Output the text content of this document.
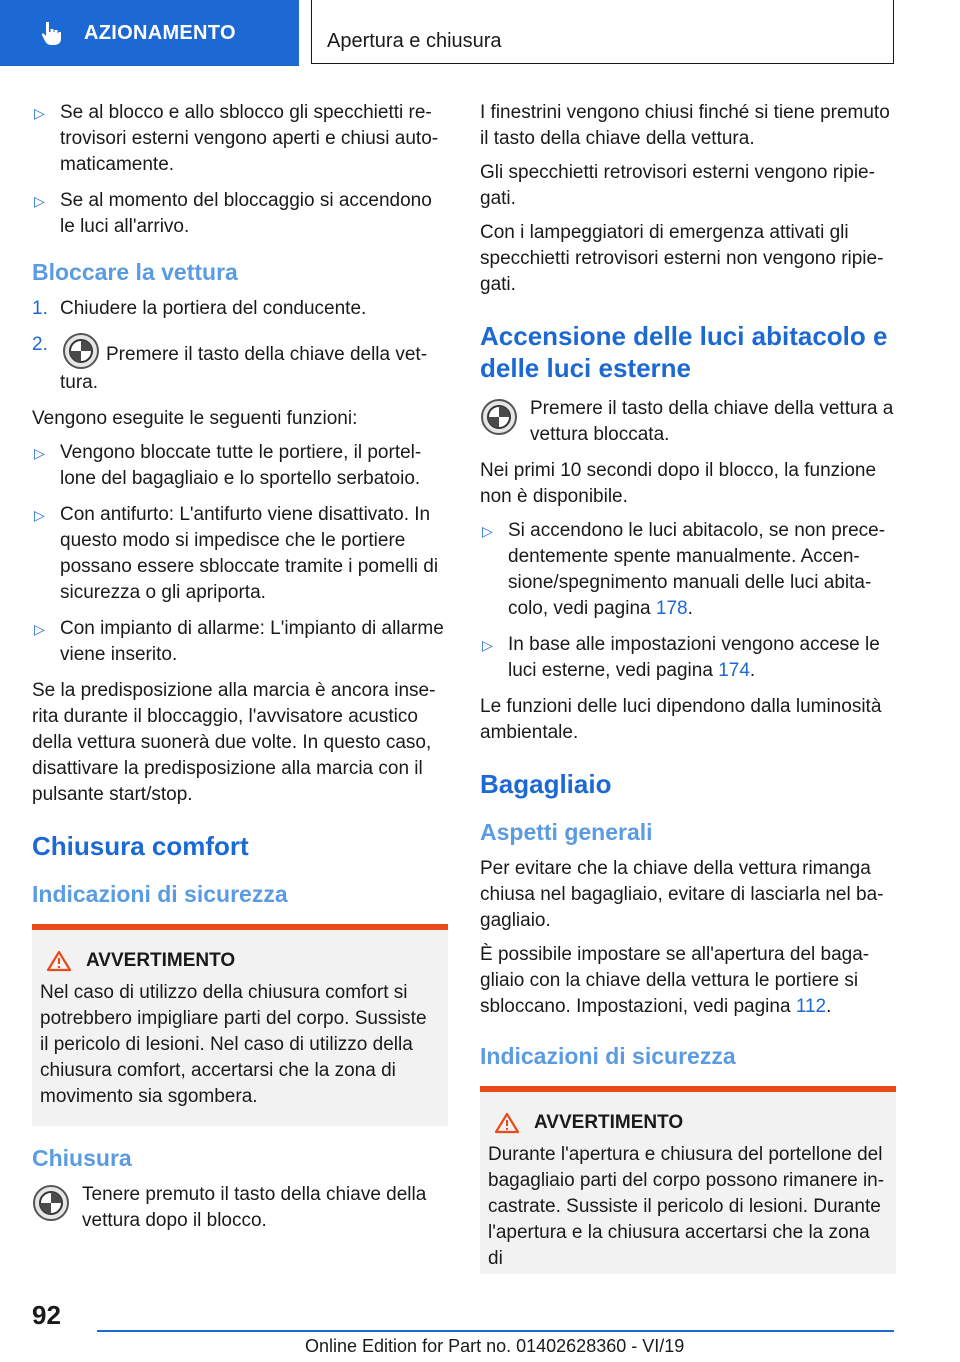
AZIONAMENTO	Apertura e chiusura
▷ Se al blocco e allo sblocco gli specchietti retrovisori esterni vengono aperti e chiusi automaticamente.
▷ Se al momento del bloccaggio si accendono le luci all'arrivo.
Bloccare la vettura
1. Chiudere la portiera del conducente.
2.	Premere il tasto della chiave della vettura.

Vengono eseguite le seguenti funzioni:

▷ Vengono bloccate tutte le portiere, il portellone del bagagliaio e lo sportello serbatoio.
▷ Con antifurto: L'antifurto viene disattivato. In questo modo si impedisce che le portiere possano essere sbloccate tramite i pomelli di sicurezza o gli apriporta.
▷ Con impianto di allarme: L'impianto di allarme viene inserito.

Se la predisposizione alla marcia è ancora inserita durante il bloccaggio, l'avvisatore acustico della vettura suonerà due volte. In questo caso, disattivare la predisposizione alla marcia con il pulsante start/stop.

Chiusura comfort
Indicazioni di sicurezza
AVVERTIMENTO
Nel caso di utilizzo della chiusura comfort si potrebbero impigliare parti del corpo. Sussiste il pericolo di lesioni. Nel caso di utilizzo della chiusura comfort, accertarsi che la zona di movimento sia sgombera.
Chiusura
Tenere premuto il tasto della chiave della vettura dopo il blocco.

I finestrini vengono chiusi finché si tiene premuto il tasto della chiave della vettura.

Gli specchietti retrovisori esterni vengono ripiegati.

Con i lampeggiatori di emergenza attivati gli specchietti retrovisori esterni non vengono ripiegati.

Accensione delle luci abitacolo e delle luci esterne
Premere il tasto della chiave della vettura a vettura bloccata.

Nei primi 10 secondi dopo il blocco, la funzione non è disponibile.

▷ Si accendono le luci abitacolo, se non precedentemente spente manualmente. Accensione/spegnimento manuali delle luci abitacolo, vedi pagina 178.
▷ In base alle impostazioni vengono accese le luci esterne, vedi pagina 174.

Le funzioni delle luci dipendono dalla luminosità ambientale.

Bagagliaio
Aspetti generali

Per evitare che la chiave della vettura rimanga chiusa nel bagagliaio, evitare di lasciarla nel bagagliaio.

È possibile impostare se all'apertura del bagagliaio con la chiave della vettura le portiere si sbloccano. Impostazioni, vedi pagina 112.

Indicazioni di sicurezza
AVVERTIMENTO
Durante l'apertura e chiusura del portellone del bagagliaio parti del corpo possono rimanere incastrate. Sussiste il pericolo di lesioni. Durante l'apertura e la chiusura accertarsi che la zona di
92
Online Edition for Part no. 01402628360 - VI/19
